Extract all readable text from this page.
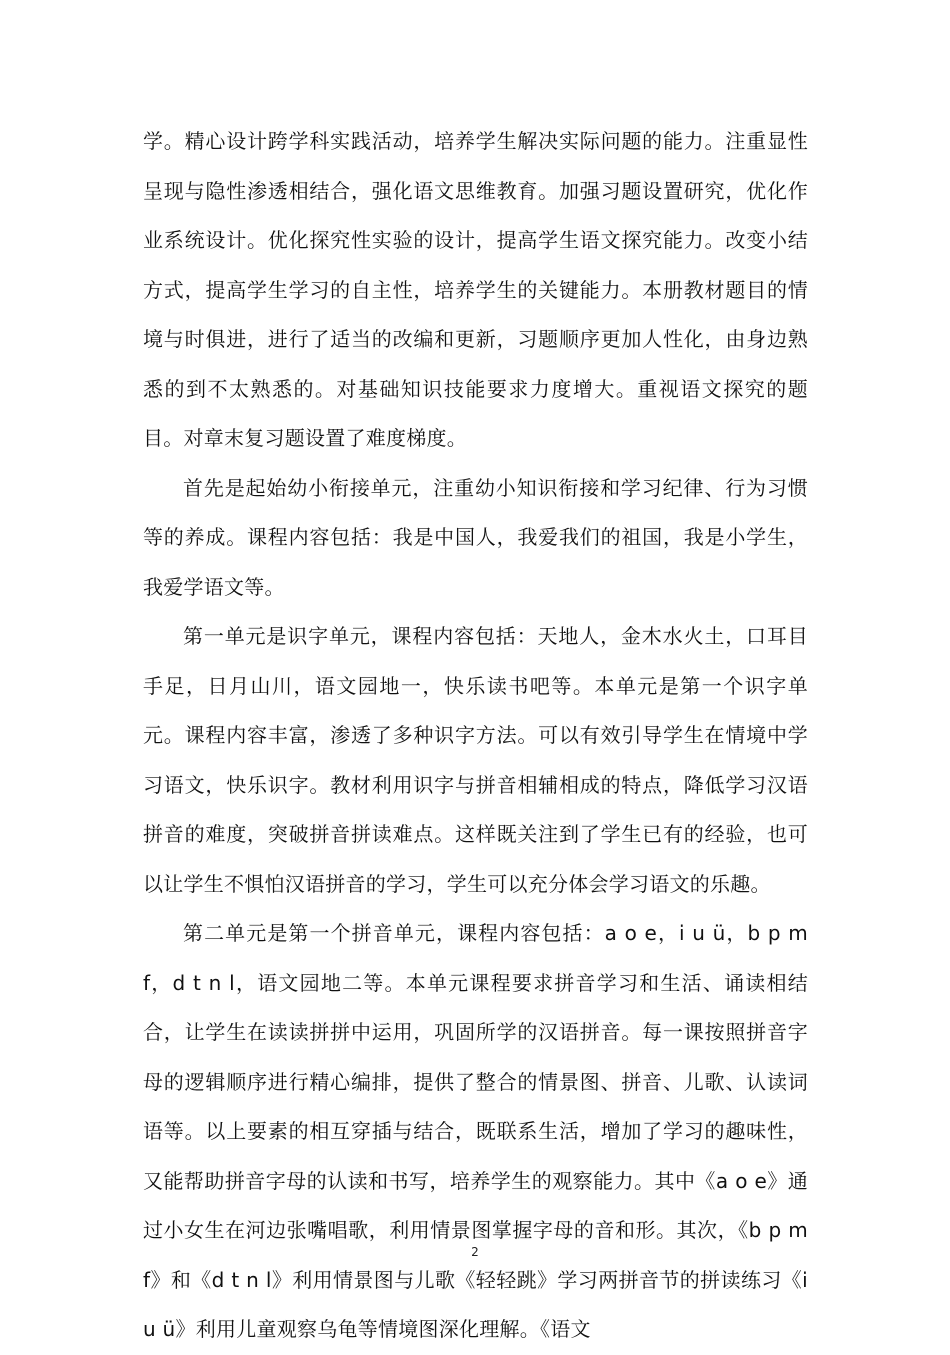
学。精心设计跨学科实践活动，培养学生解决实际问题的能力。注重显性呈现与隐性渗透相结合，强化语文思维教育。加强习题设置研究，优化作业系统设计。优化探究性实验的设计，提高学生语文探究能力。改变小结方式，提高学生学习的自主性，培养学生的关键能力。本册教材题目的情境与时俱进，进行了适当的改编和更新，习题顺序更加人性化，由身边熟悉的到不太熟悉的。对基础知识技能要求力度增大。重视语文探究的题目。对章末复习题设置了难度梯度。

首先是起始幼小衔接单元，注重幼小知识衔接和学习纪律、行为习惯等的养成。课程内容包括：我是中国人，我爱我们的祖国，我是小学生，我爱学语文等。

第一单元是识字单元，课程内容包括：天地人，金木水火土，口耳目手足，日月山川，语文园地一，快乐读书吧等。本单元是第一个识字单元。课程内容丰富，渗透了多种识字方法。可以有效引导学生在情境中学习语文，快乐识字。教材利用识字与拼音相辅相成的特点，降低学习汉语拼音的难度，突破拼音拼读难点。这样既关注到了学生已有的经验，也可以让学生不惧怕汉语拼音的学习，学生可以充分体会学习语文的乐趣。

第二单元是第一个拼音单元，课程内容包括：a o e，i u ü，b p m f，d t n l，语文园地二等。本单元课程要求拼音学习和生活、诵读相结合，让学生在读读拼拼中运用，巩固所学的汉语拼音。每一课按照拼音字母的逻辑顺序进行精心编排，提供了整合的情景图、拼音、儿歌、认读词语等。以上要素的相互穿插与结合，既联系生活，增加了学习的趣味性，又能帮助拼音字母的认读和书写，培养学生的观察能力。其中《a o e》通过小女生在河边张嘴唱歌，利用情景图掌握字母的音和形。其次，《b p m f》和《d t n l》利用情景图与儿歌《轻轻跳》学习两拼音节的拼读练习《i u ü》利用儿童观察乌龟等情境图深化理解。《语文

2
